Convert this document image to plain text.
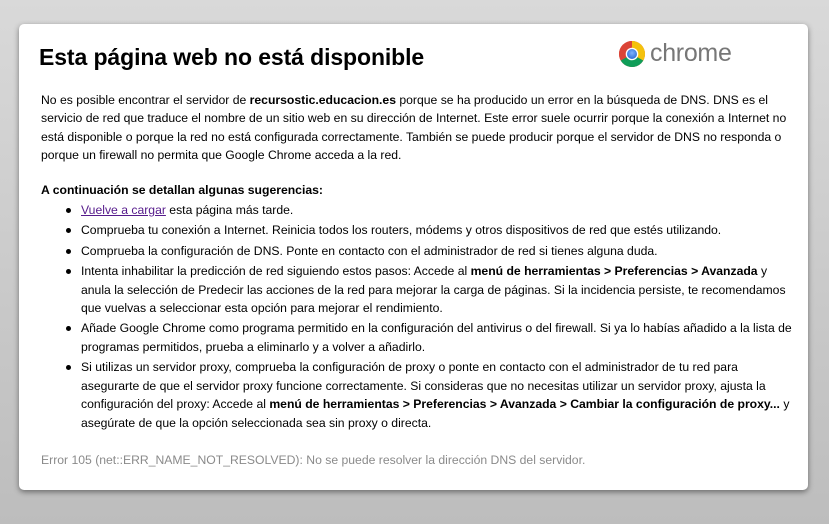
Esta página web no está disponible	chrome

No es posible encontrar el servidor de recursostic.educacion.es porque se ha producido un error en la búsqueda de DNS. DNS es el servicio de red que traduce el nombre de un sitio web en su dirección de Internet. Este error suele ocurrir porque la conexión a Internet no está disponible o porque la red no está configurada correctamente. También se puede producir porque el servidor de DNS no responda o porque un firewall no permita que Google Chrome acceda a la red.

A continuación se detallan algunas sugerencias:

Vuelve a cargar esta página más tarde.
Comprueba tu conexión a Internet. Reinicia todos los routers, módems y otros dispositivos de red que estés utilizando.
Comprueba la configuración de DNS. Ponte en contacto con el administrador de red si tienes alguna duda.
Intenta inhabilitar la predicción de red siguiendo estos pasos: Accede al menú de herramientas > Preferencias > Avanzada y anula la selección de Predecir las acciones de la red para mejorar la carga de páginas. Si la incidencia persiste, te recomendamos que vuelvas a seleccionar esta opción para mejorar el rendimiento.
Añade Google Chrome como programa permitido en la configuración del antivirus o del firewall. Si ya lo habías añadido a la lista de programas permitidos, prueba a eliminarlo y a volver a añadirlo.
Si utilizas un servidor proxy, comprueba la configuración de proxy o ponte en contacto con el administrador de tu red para asegurarte de que el servidor proxy funcione correctamente. Si consideras que no necesitas utilizar un servidor proxy, ajusta la configuración del proxy: Accede al menú de herramientas > Preferencias > Avanzada > Cambiar la configuración de proxy... y asegúrate de que la opción seleccionada sea sin proxy o directa.
Error 105 (net::ERR_NAME_NOT_RESOLVED): No se puede resolver la dirección DNS del servidor.
